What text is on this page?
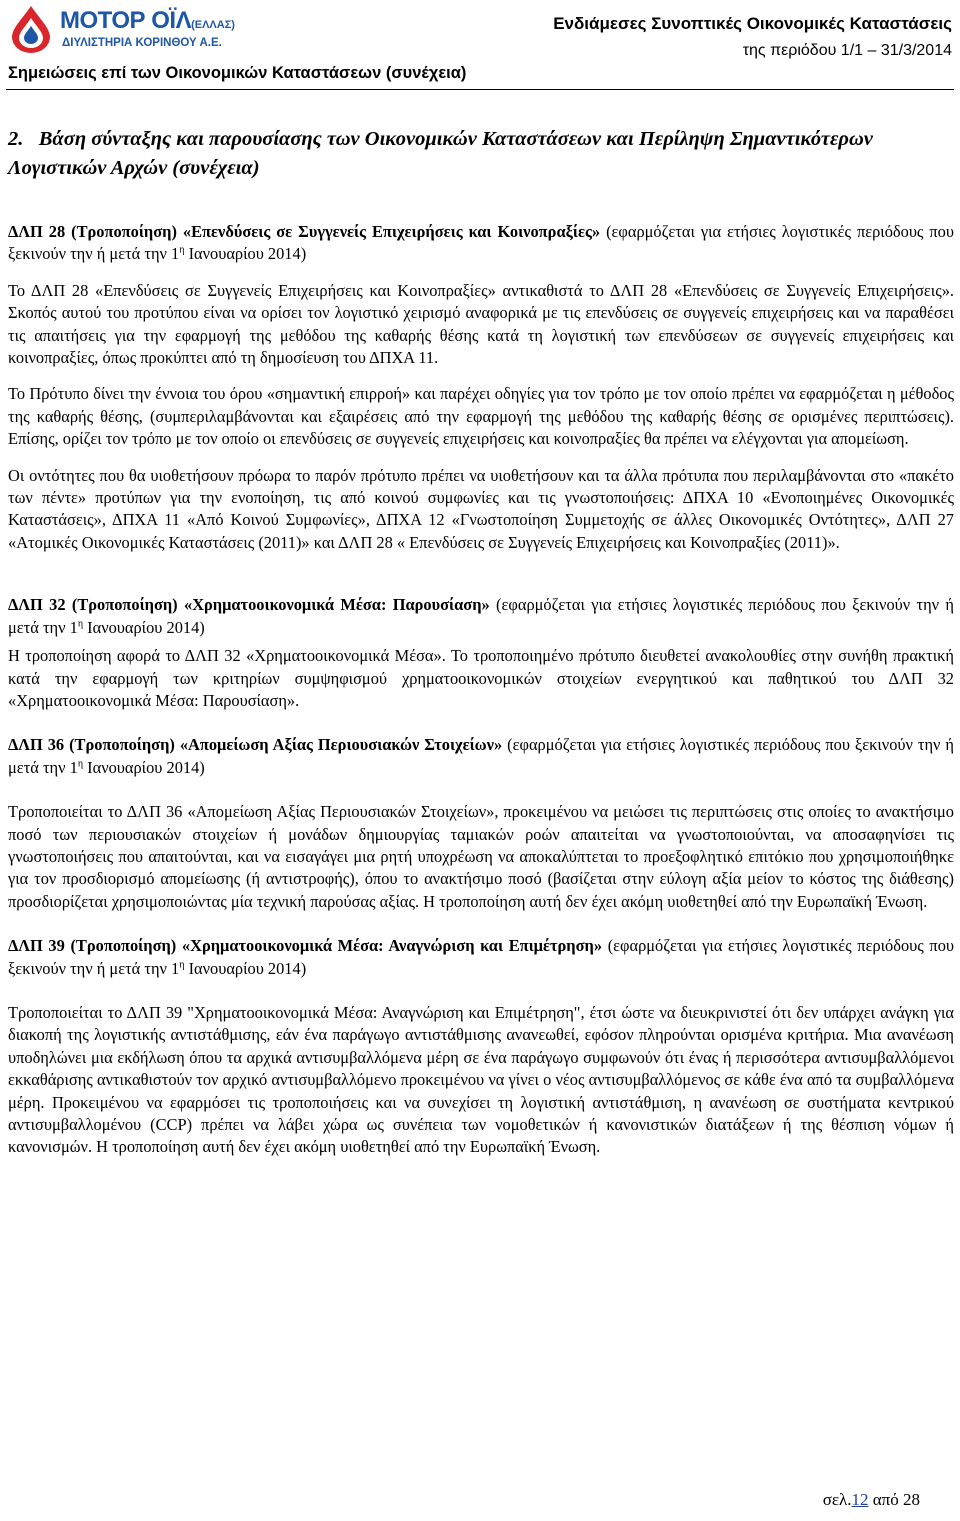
ΜΟΤΟΡ ΟΪΛ(ΕΛΛΑΣ)
ΔΙΥΛΙΣΤΗΡΙΑ ΚΟΡΙΝΘΟΥ Α.Ε.
Ενδιάμεσες Συνοπτικές Οικονομικές Καταστάσεις
της περιόδου 1/1 – 31/3/2014
Σημειώσεις επί των Οικονομικών Καταστάσεων (συνέχεια)
2.   Βάση σύνταξης και παρουσίασης των Οικονομικών Καταστάσεων και Περίληψη Σημαντικότερων Λογιστικών Αρχών (συνέχεια)

ΔΛΠ 28 (Τροποποίηση) «Επενδύσεις σε Συγγενείς Επιχειρήσεις και Κοινοπραξίες» (εφαρμόζεται για ετήσιες λογιστικές περιόδους που ξεκινούν την ή μετά την $1^\eta$ Ιανουαρίου 2014)

Το ΔΛΠ 28 «Επενδύσεις σε Συγγενείς Επιχειρήσεις και Κοινοπραξίες» αντικαθιστά το ΔΛΠ 28 «Επενδύσεις σε Συγγενείς Επιχειρήσεις». Σκοπός αυτού του προτύπου είναι να ορίσει τον λογιστικό χειρισμό αναφορικά με τις επενδύσεις σε συγγενείς επιχειρήσεις και να παραθέσει τις απαιτήσεις για την εφαρμογή της μεθόδου της καθαρής θέσης κατά τη λογιστική των επενδύσεων σε συγγενείς επιχειρήσεις και κοινοπραξίες, όπως προκύπτει από τη δημοσίευση του ΔΠΧΑ 11.

Το Πρότυπο δίνει την έννοια του όρου «σημαντική επιρροή» και παρέχει οδηγίες για τον τρόπο με τον οποίο πρέπει να εφαρμόζεται η μέθοδος της καθαρής θέσης, (συμπεριλαμβάνονται και εξαιρέσεις από την εφαρμογή της μεθόδου της καθαρής θέσης σε ορισμένες περιπτώσεις). Επίσης, ορίζει τον τρόπο με τον οποίο οι επενδύσεις σε συγγενείς επιχειρήσεις και κοινοπραξίες θα πρέπει να ελέγχονται για απομείωση.

Οι οντότητες που θα υιοθετήσουν πρόωρα το παρόν πρότυπο πρέπει να υιοθετήσουν και τα άλλα πρότυπα που περιλαμβάνονται στο «πακέτο των πέντε» προτύπων για την ενοποίηση, τις από κοινού συμφωνίες και τις γνωστοποιήσεις: ΔΠΧΑ 10 «Ενοποιημένες Οικονομικές Καταστάσεις», ΔΠΧΑ 11 «Από Κοινού Συμφωνίες», ΔΠΧΑ 12 «Γνωστοποίηση Συμμετοχής σε άλλες Οικονομικές Οντότητες», ΔΛΠ 27 «Ατομικές Οικονομικές Καταστάσεις (2011)» και ΔΛΠ 28 « Επενδύσεις σε Συγγενείς Επιχειρήσεις και Κοινοπραξίες (2011)».

ΔΛΠ 32 (Τροποποίηση) «Χρηματοοικονομικά Μέσα: Παρουσίαση» (εφαρμόζεται για ετήσιες λογιστικές περιόδους που ξεκινούν την ή μετά την $1^\eta$ Ιανουαρίου 2014)

Η τροποποίηση αφορά το ΔΛΠ 32 «Χρηματοοικονομικά Μέσα». Το τροποποιημένο πρότυπο διευθετεί ανακολουθίες στην συνήθη πρακτική κατά την εφαρμογή των κριτηρίων συμψηφισμού χρηματοοικονομικών στοιχείων ενεργητικού και παθητικού του ΔΛΠ 32 «Χρηματοοικονομικά Μέσα: Παρουσίαση».

ΔΛΠ 36 (Τροποποίηση) «Απομείωση Αξίας Περιουσιακών Στοιχείων» (εφαρμόζεται για ετήσιες λογιστικές περιόδους που ξεκινούν την ή μετά την $1^\eta$ Ιανουαρίου 2014)

Τροποποιείται το ΔΛΠ 36 «Απομείωση Αξίας Περιουσιακών Στοιχείων», προκειμένου να μειώσει τις περιπτώσεις στις οποίες το ανακτήσιμο ποσό των περιουσιακών στοιχείων ή μονάδων δημιουργίας ταμιακών ροών απαιτείται να γνωστοποιούνται, να αποσαφηνίσει τις γνωστοποιήσεις που απαιτούνται, και να εισαγάγει μια ρητή υποχρέωση να αποκαλύπτεται το προεξοφλητικό επιτόκιο που χρησιμοποιήθηκε για τον προσδιορισμό απομείωσης (ή αντιστροφής), όπου το ανακτήσιμο ποσό (βασίζεται στην εύλογη αξία μείον το κόστος της διάθεσης) προσδιορίζεται χρησιμοποιώντας μία τεχνική παρούσας αξίας. Η τροποποίηση αυτή δεν έχει ακόμη υιοθετηθεί από την Ευρωπαϊκή Ένωση.

ΔΛΠ 39 (Τροποποίηση) «Χρηματοοικονομικά Μέσα: Αναγνώριση και Επιμέτρηση» (εφαρμόζεται για ετήσιες λογιστικές περιόδους που ξεκινούν την ή μετά την $1^\eta$ Ιανουαρίου 2014)

Τροποποιείται το ΔΛΠ 39 "Χρηματοοικονομικά Μέσα: Αναγνώριση και Επιμέτρηση", έτσι ώστε να διευκρινιστεί ότι δεν υπάρχει ανάγκη για διακοπή της λογιστικής αντιστάθμισης, εάν ένα παράγωγο αντιστάθμισης ανανεωθεί, εφόσον πληρούνται ορισμένα κριτήρια. Μια ανανέωση υποδηλώνει μια εκδήλωση όπου τα αρχικά αντισυμβαλλόμενα μέρη σε ένα παράγωγο συμφωνούν ότι ένας ή περισσότερα αντισυμβαλλόμενοι εκκαθάρισης αντικαθιστούν τον αρχικό αντισυμβαλλόμενο προκειμένου να γίνει ο νέος αντισυμβαλλόμενος σε κάθε ένα από τα συμβαλλόμενα μέρη. Προκειμένου να εφαρμόσει τις τροποποιήσεις και να συνεχίσει τη λογιστική αντιστάθμιση, η ανανέωση σε συστήματα κεντρικού αντισυμβαλλομένου (CCP) πρέπει να λάβει χώρα ως συνέπεια των νομοθετικών ή κανονιστικών διατάξεων ή της θέσπιση νόμων ή κανονισμών. Η τροποποίηση αυτή δεν έχει ακόμη υιοθετηθεί από την Ευρωπαϊκή Ένωση.

σελ.12 από 28
